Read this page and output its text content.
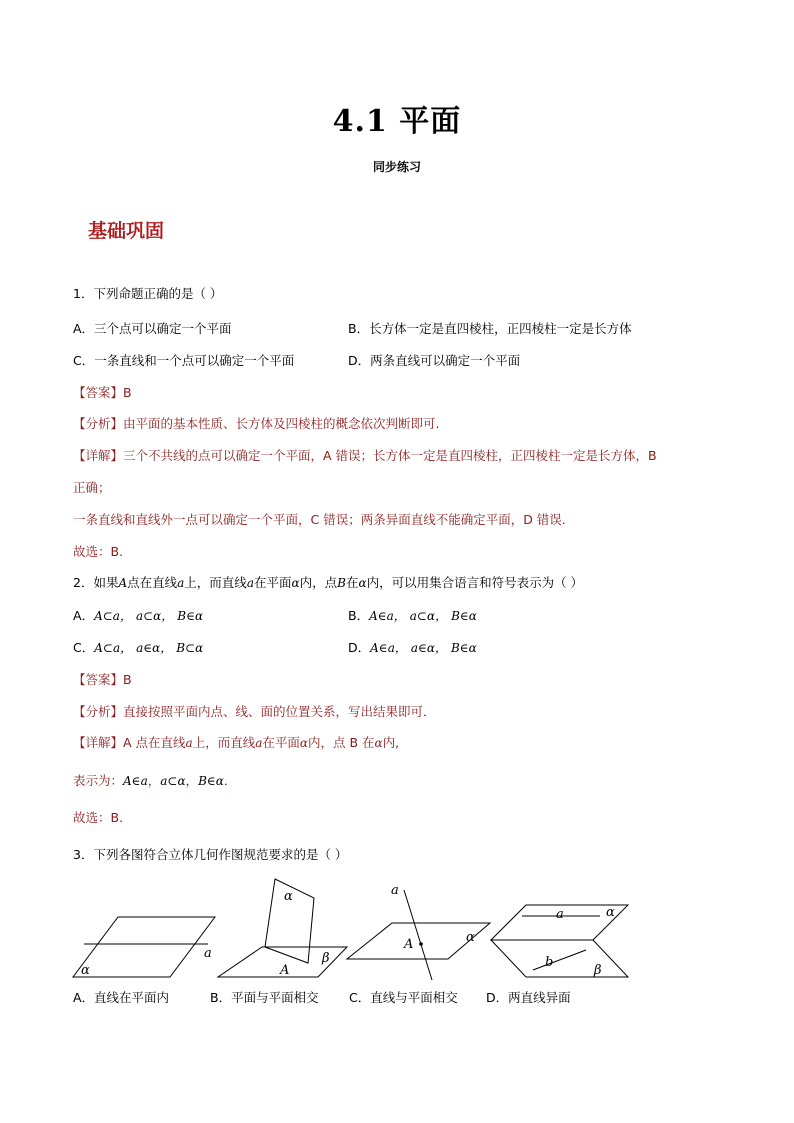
4.1 平面
同步练习
基础巩固
1．下列命题正确的是（ ）
A．三个点可以确定一个平面	B．长方体一定是直四棱柱，正四棱柱一定是长方体
C．一条直线和一个点可以确定一个平面	D．两条直线可以确定一个平面
【答案】B
【分析】由平面的基本性质、长方体及四棱柱的概念依次判断即可.
【详解】三个不共线的点可以确定一个平面，A 错误；长方体一定是直四棱柱，正四棱柱一定是长方体，B
正确；
一条直线和直线外一点可以确定一个平面，C 错误；两条异面直线不能确定平面，D 错误.
故选：B.
2．如果A点在直线a上，而直线a在平面α内，点B在α内，可以用集合语言和符号表示为（ ）
A．A⊂a， a⊂α， B∈α	B．A∈a， a⊂α， B∈α
C．A⊂a， a∈α， B⊂α	D．A∈a， a∈α， B∈α
【答案】B
【分析】直接按照平面内点、线、面的位置关系，写出结果即可．
【详解】A 点在直线a上，而直线a在平面α内，点 B 在α内,
表示为：A∈a，a⊂α，B∈α．
故选：B.
3．下列各图符合立体几何作图规范要求的是（ ）
a
α
α
A
β
a
A	α
a	α
b
β
A．直线在平面内	B．平面与平面相交 C．直线与平面相交 D．两直线异面
